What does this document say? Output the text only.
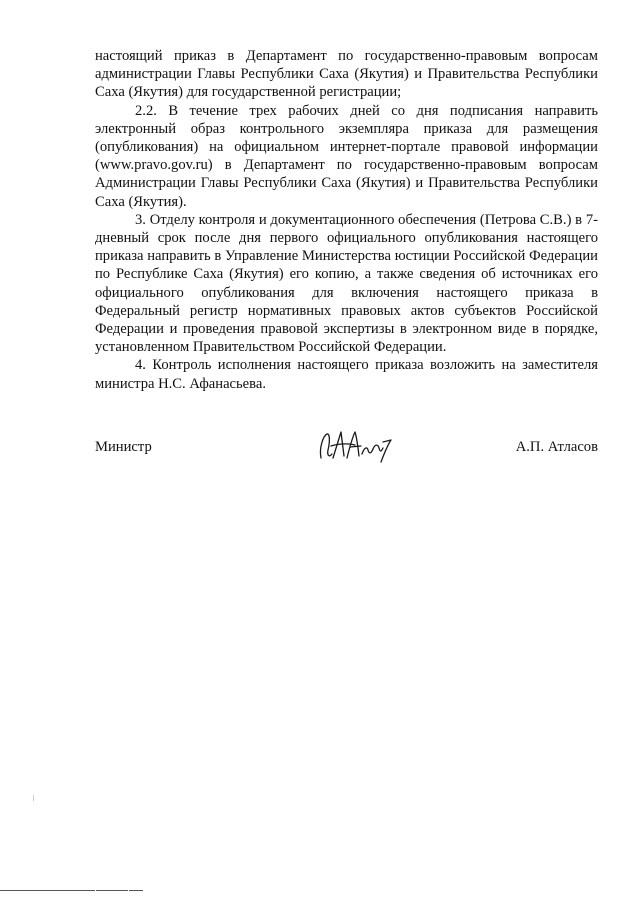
настоящий приказ в Департамент по государственно-правовым вопросам администрации Главы Республики Саха (Якутия) и Правительства Республики Саха (Якутия) для государственной регистрации;

2.2. В течение трех рабочих дней со дня подписания направить электронный образ контрольного экземпляра приказа для размещения (опубликования) на официальном интернет-портале правовой информации (www.pravo.gov.ru) в Департамент по государственно-правовым вопросам Администрации Главы Республики Саха (Якутия) и Правительства Республики Саха (Якутия).

3. Отделу контроля и документационного обеспечения (Петрова С.В.) в 7-дневный срок после дня первого официального опубликования настоящего приказа направить в Управление Министерства юстиции Российской Федерации по Республике Саха (Якутия) его копию, а также сведения об источниках его официального опубликования для включения настоящего приказа в Федеральный регистр нормативных правовых актов субъектов Российской Федерации и проведения правовой экспертизы в электронном виде в порядке, установленном Правительством Российской Федерации.

4. Контроль исполнения настоящего приказа возложить на заместителя министра Н.С. Афанасьева.

Министр	А.П. Атласов
